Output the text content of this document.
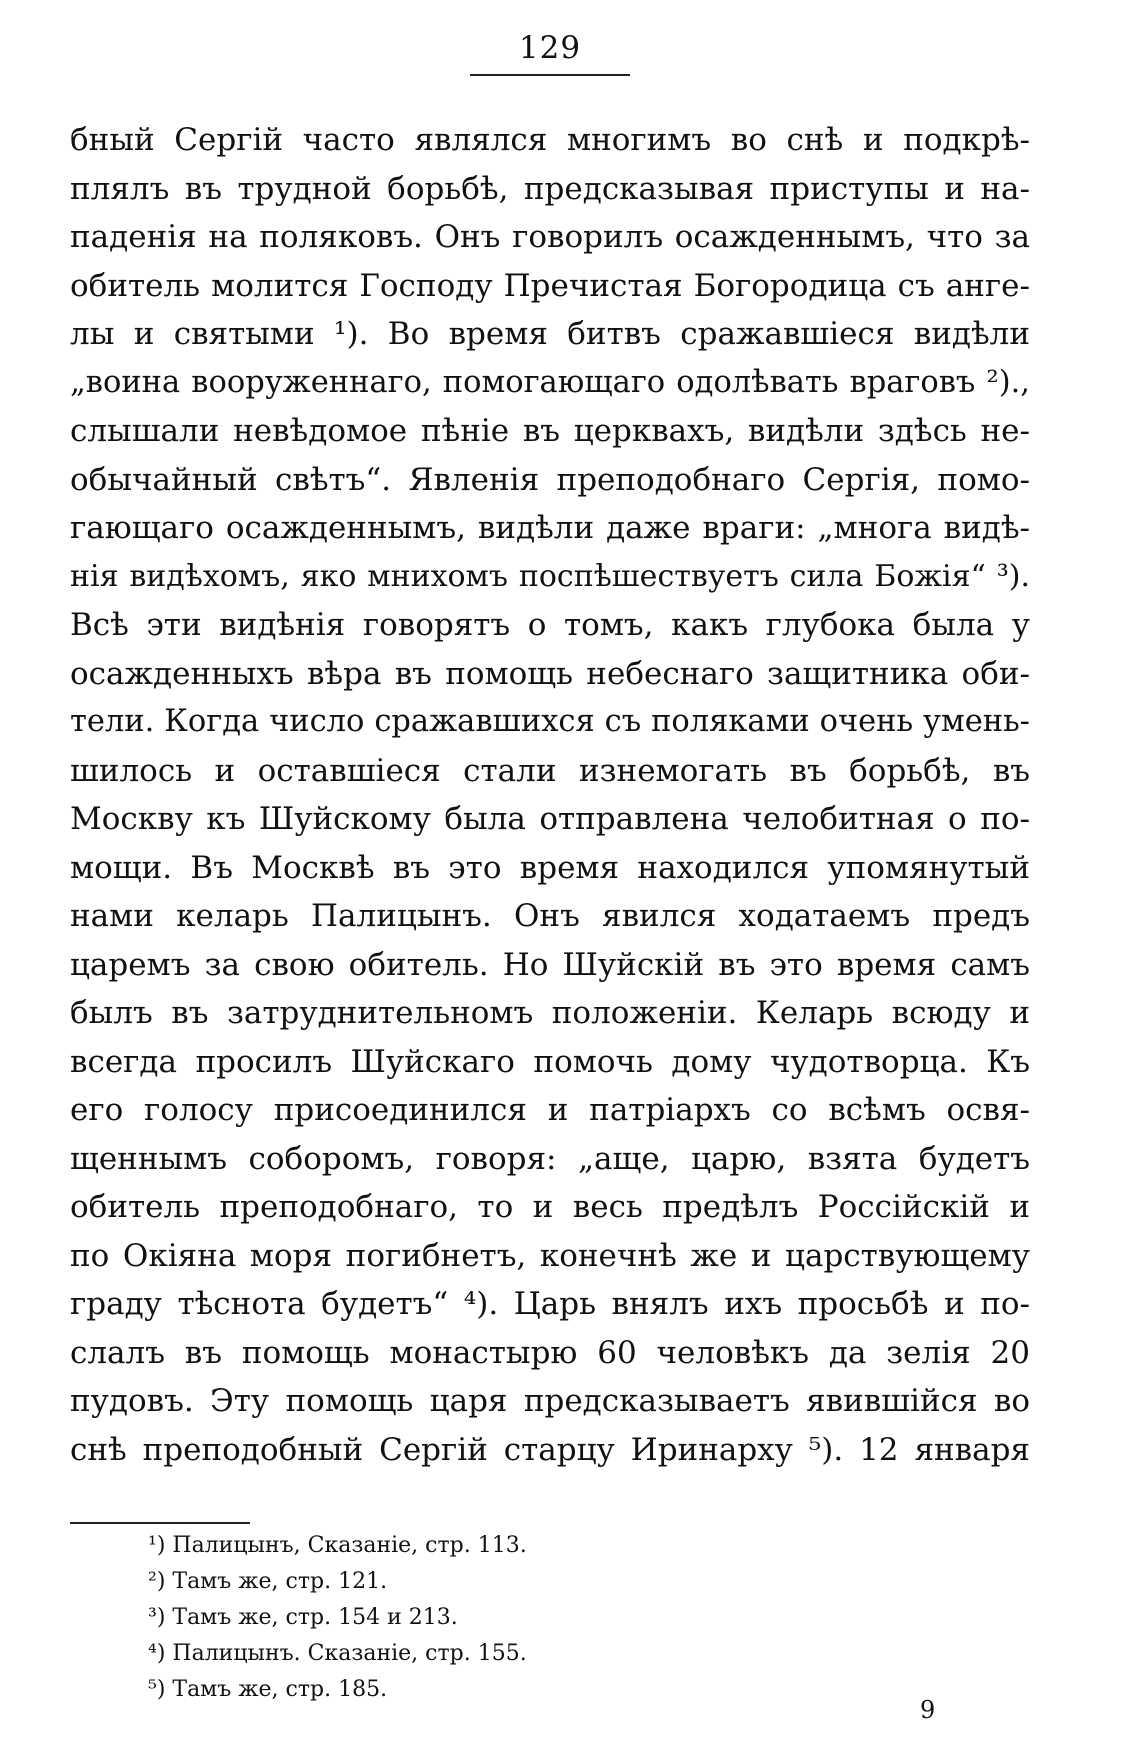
129
бный Сергій часто являлся многимъ во снѣ и подкрѣ-
плялъ въ трудной борьбѣ, предсказывая приступы и на-
паденія на поляковъ. Онъ говорилъ осажденнымъ, что за
обитель молится Господу Пречистая Богородица съ анге-
лы и святыми ¹). Во время битвъ сражавшіеся видѣли
„воина вооруженнаго, помогающаго одолѣвать враговъ ²).,
слышали невѣдомое пѣніе въ церквахъ, видѣли здѣсь не-
обычайный свѣтъ“. Явленія преподобнаго Сергія, помо-
гающаго осажденнымъ, видѣли даже враги: „многа видѣ-
нія видѣхомъ, яко мнихомъ поспѣшествуетъ сила Божія“ ³).
Всѣ эти видѣнія говорятъ о томъ, какъ глубока была у
осажденныхъ вѣра въ помощь небеснаго защитника оби-
тели. Когда число сражавшихся съ поляками очень умень-
шилось и оставшіеся стали изнемогать въ борьбѣ, въ
Москву къ Шуйскому была отправлена челобитная о по-
мощи. Въ Москвѣ въ это время находился упомянутый
нами келарь Палицынъ. Онъ явился ходатаемъ предъ
царемъ за свою обитель. Но Шуйскій въ это время самъ
былъ въ затруднительномъ положеніи. Келарь всюду и
всегда просилъ Шуйскаго помочь дому чудотворца. Къ
его голосу присоединился и патріархъ со всѣмъ освя-
щеннымъ соборомъ, говоря: „аще, царю, взята будетъ
обитель преподобнаго, то и весь предѣлъ Россійскій и
по Окіяна моря погибнетъ, конечнѣ же и царствующему
граду тѣснота будетъ“ ⁴). Царь внялъ ихъ просьбѣ и по-
слалъ въ помощь монастырю 60 человѣкъ да зелія 20
пудовъ. Эту помощь царя предсказываетъ явившійся во
снѣ преподобный Сергій старцу Иринарху ⁵). 12 января
¹) Палицынъ, Сказаніе, стр. 113.
²) Тамъ же, стр. 121.
³) Тамъ же, стр. 154 и 213.
⁴) Палицынъ. Сказаніе, стр. 155.
⁵) Тамъ же, стр. 185.
9
